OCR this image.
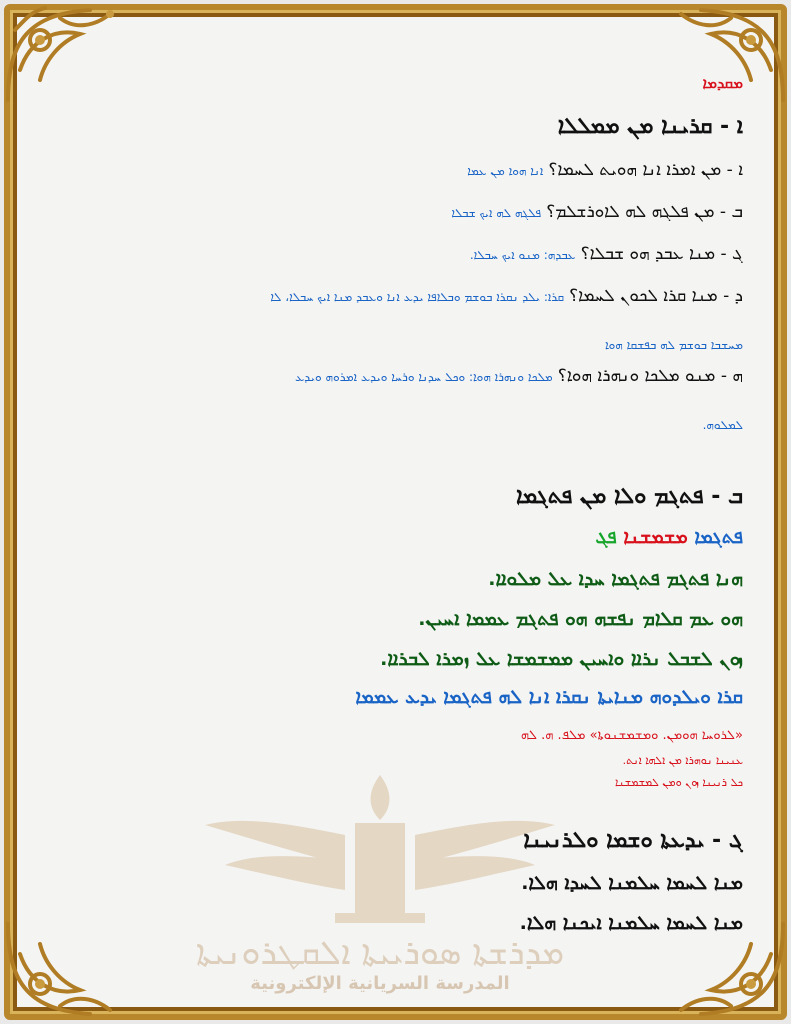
ܡܕܪܫܬܐ ܣܘܪܝܝܬܐ ܐܠܩܛܪܘܢܝܬܐ
المدرسة السريانية الإلكترونية
ܡܩܕܡܐ
ܐ - ܩܪܝܢܐ ܡܢ ܡܡܠܠܐ
ܐ - ܡܢ ܐܡܪܐ ܐܢܐ ܗܘܝܬ ܠܚܡܐ؟ ܐܢܐ ܗܘܐ ܡܢ ܥܡܐ
ܒ - ܡܢ ܦܠܓܗ ܠܗ ܠܐܘܪܫܠܡ؟ ܦܠܓܗ ܠܗ ܐܝܟ ܫܒܠܐ
ܓ - ܡܢܐ ܥܒܕ ܗܘ ܫܒܠܐ؟ ܥܒܕܗ: ܡܢܘ ܐܝܟ ܚܒܠܐ.
ܕ - ܡܢܐ ܩܪܐ ܠܟܘܢ ܠܚܡܐ؟ ܩܪܐ: ܝܠܕ ܢܩܪܐ ܒܘܫܡ ܘܒܠܐܦܐ ܝܕܥ ܐܢܐ ܘܥܒܕ ܡܢܐ ܐܝܟ ܚܒܠܐ، ܠܐ
ܡܚܫܒܐ ܒܘܫܡ ܠܗ ܒܦܫܩܐ ܗܘܐ
ܗ - ܡܢܘ ܡܠܟܐ ܘܢܗܪܐ ܗܘܐ؟ ܡܠܟܐ ܘܢܗܪܐ ܗܘܐ: ܘܟܠ ܚܕܢܐ ܘܪܚܐ ܘܝܕܥ ܐܡܪܘܗ ܘܝܕܥ
ܠܡܠܘܗ.
ܒ - ܦܬܓܡ ܘܠܐ ܡܢ ܦܬܓܡܐ
ܦܬܓܡܐ ܡܫܡܫܢܐ ܦܓ
ܗܢܐ ܦܬܓܡ ܦܬܓܡܐ ܚܕܐ ܥܠ ܡܠܘܐܐ.
ܗܘ ܥܡ ܩܠܐܡ ܢܦܫܗ ܗܘ ܦܬܓܡ ܥܡܡܐ ܐܚܝܢ.
ܙܘܢ ܠܫܒܠ ܢܪܐܐ ܘܐܚܝܢ ܡܡܫܡܫܐ ܥܠ ܙܡܪܐ ܠܒܪܐܐ.
ܩܪܐ ܘܝܠܕܘܗ ܡܢܐܝܬܐ ܢܩܪܐ ܐܢܐ ܠܗ ܦܬܓܡܐ ܝܕܥ ܥܡܡܐ
«ܠܪܘܚܐ ܗܘܡܢ. ܘܡܫܡܫܢܘܬܐ» ܡܠܦ. ܗ. ܠܗ
ܥܢܝܢܐ ܢܘܗܪܐ ܡܢ ܐܠܗܐ ܐܢܬ.
ܟܠ ܪܢܝܢܐ ܙܘܢ ܘܡܢ ܠܡܫܡܫܢܐ
ܓ - ܝܕܥܬܐ ܘܫܡܐ ܘܠܪܢܝܢܐ
ܡܢܐ ܠܚܡܐ ܚܠܡܢܐ ܠܚܕܐ ܗܠܐ.
ܡܢܐ ܠܚܡܐ ܚܠܡܢܐ ܐܝܟܢܐ ܗܠܐ.
